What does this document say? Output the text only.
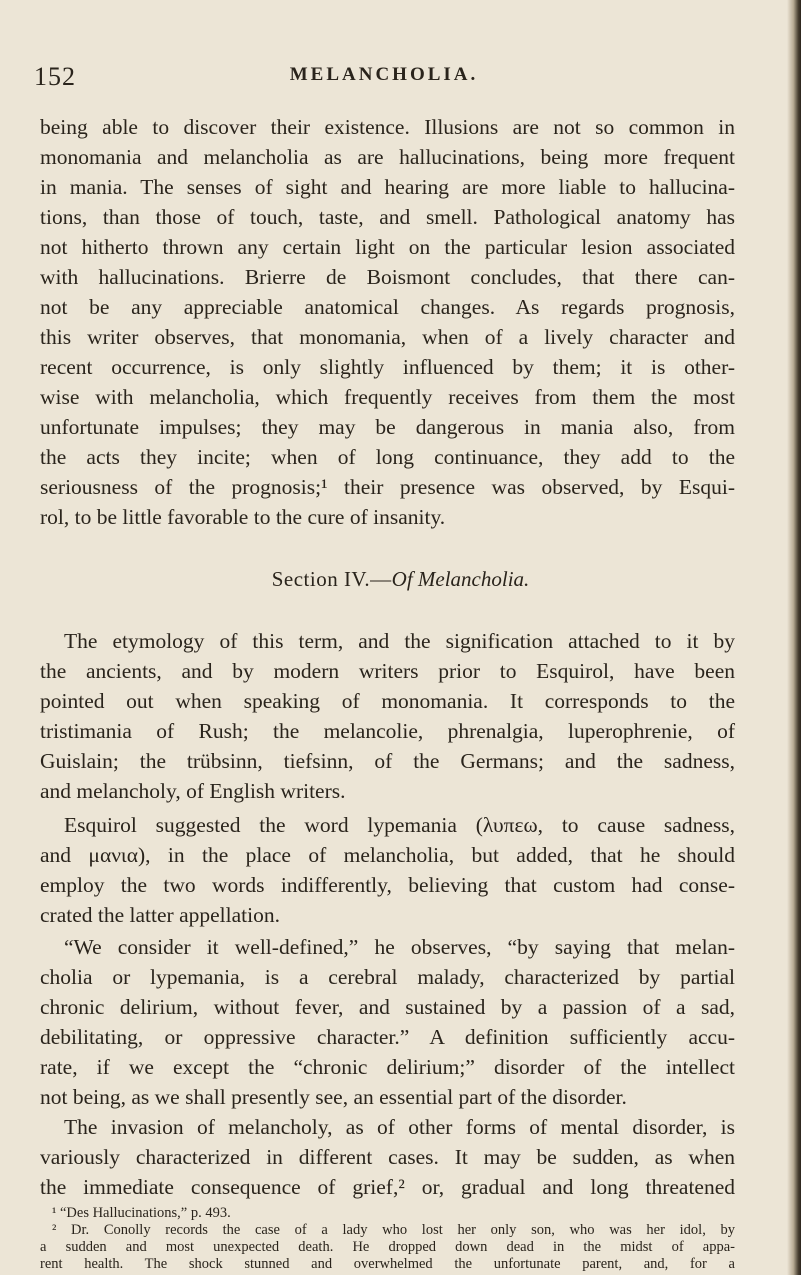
152	MELANCHOLIA.
being able to discover their existence. Illusions are not so common in
monomania and melancholia as are hallucinations, being more frequent
in mania. The senses of sight and hearing are more liable to hallucina-
tions, than those of touch, taste, and smell. Pathological anatomy has
not hitherto thrown any certain light on the particular lesion associated
with hallucinations. Brierre de Boismont concludes, that there can-
not be any appreciable anatomical changes. As regards prognosis,
this writer observes, that monomania, when of a lively character and
recent occurrence, is only slightly influenced by them; it is other-
wise with melancholia, which frequently receives from them the most
unfortunate impulses; they may be dangerous in mania also, from
the acts they incite; when of long continuance, they add to the
seriousness of the prognosis;¹ their presence was observed, by Esqui-
rol, to be little favorable to the cure of insanity.
Section IV.—Of Melancholia.
The etymology of this term, and the signification attached to it by
the ancients, and by modern writers prior to Esquirol, have been
pointed out when speaking of monomania. It corresponds to the
tristimania of Rush; the melancolie, phrenalgia, luperophrenie, of
Guislain; the trübsinn, tiefsinn, of the Germans; and the sadness,
and melancholy, of English writers.
Esquirol suggested the word lypemania (λυπεω, to cause sadness,
and μανια), in the place of melancholia, but added, that he should
employ the two words indifferently, believing that custom had conse-
crated the latter appellation.
“We consider it well-defined,” he observes, “by saying that melan-
cholia or lypemania, is a cerebral malady, characterized by partial
chronic delirium, without fever, and sustained by a passion of a sad,
debilitating, or oppressive character.” A definition sufficiently accu-
rate, if we except the “chronic delirium;” disorder of the intellect
not being, as we shall presently see, an essential part of the disorder.
The invasion of melancholy, as of other forms of mental disorder, is
variously characterized in different cases. It may be sudden, as when
the immediate consequence of grief,² or, gradual and long threatened
¹ “Des Hallucinations,” p. 493.
² Dr. Conolly records the case of a lady who lost her only son, who was her idol, by
a sudden and most unexpected death. He dropped down dead in the midst of appa-
rent health. The shock stunned and overwhelmed the unfortunate parent, and, for a
